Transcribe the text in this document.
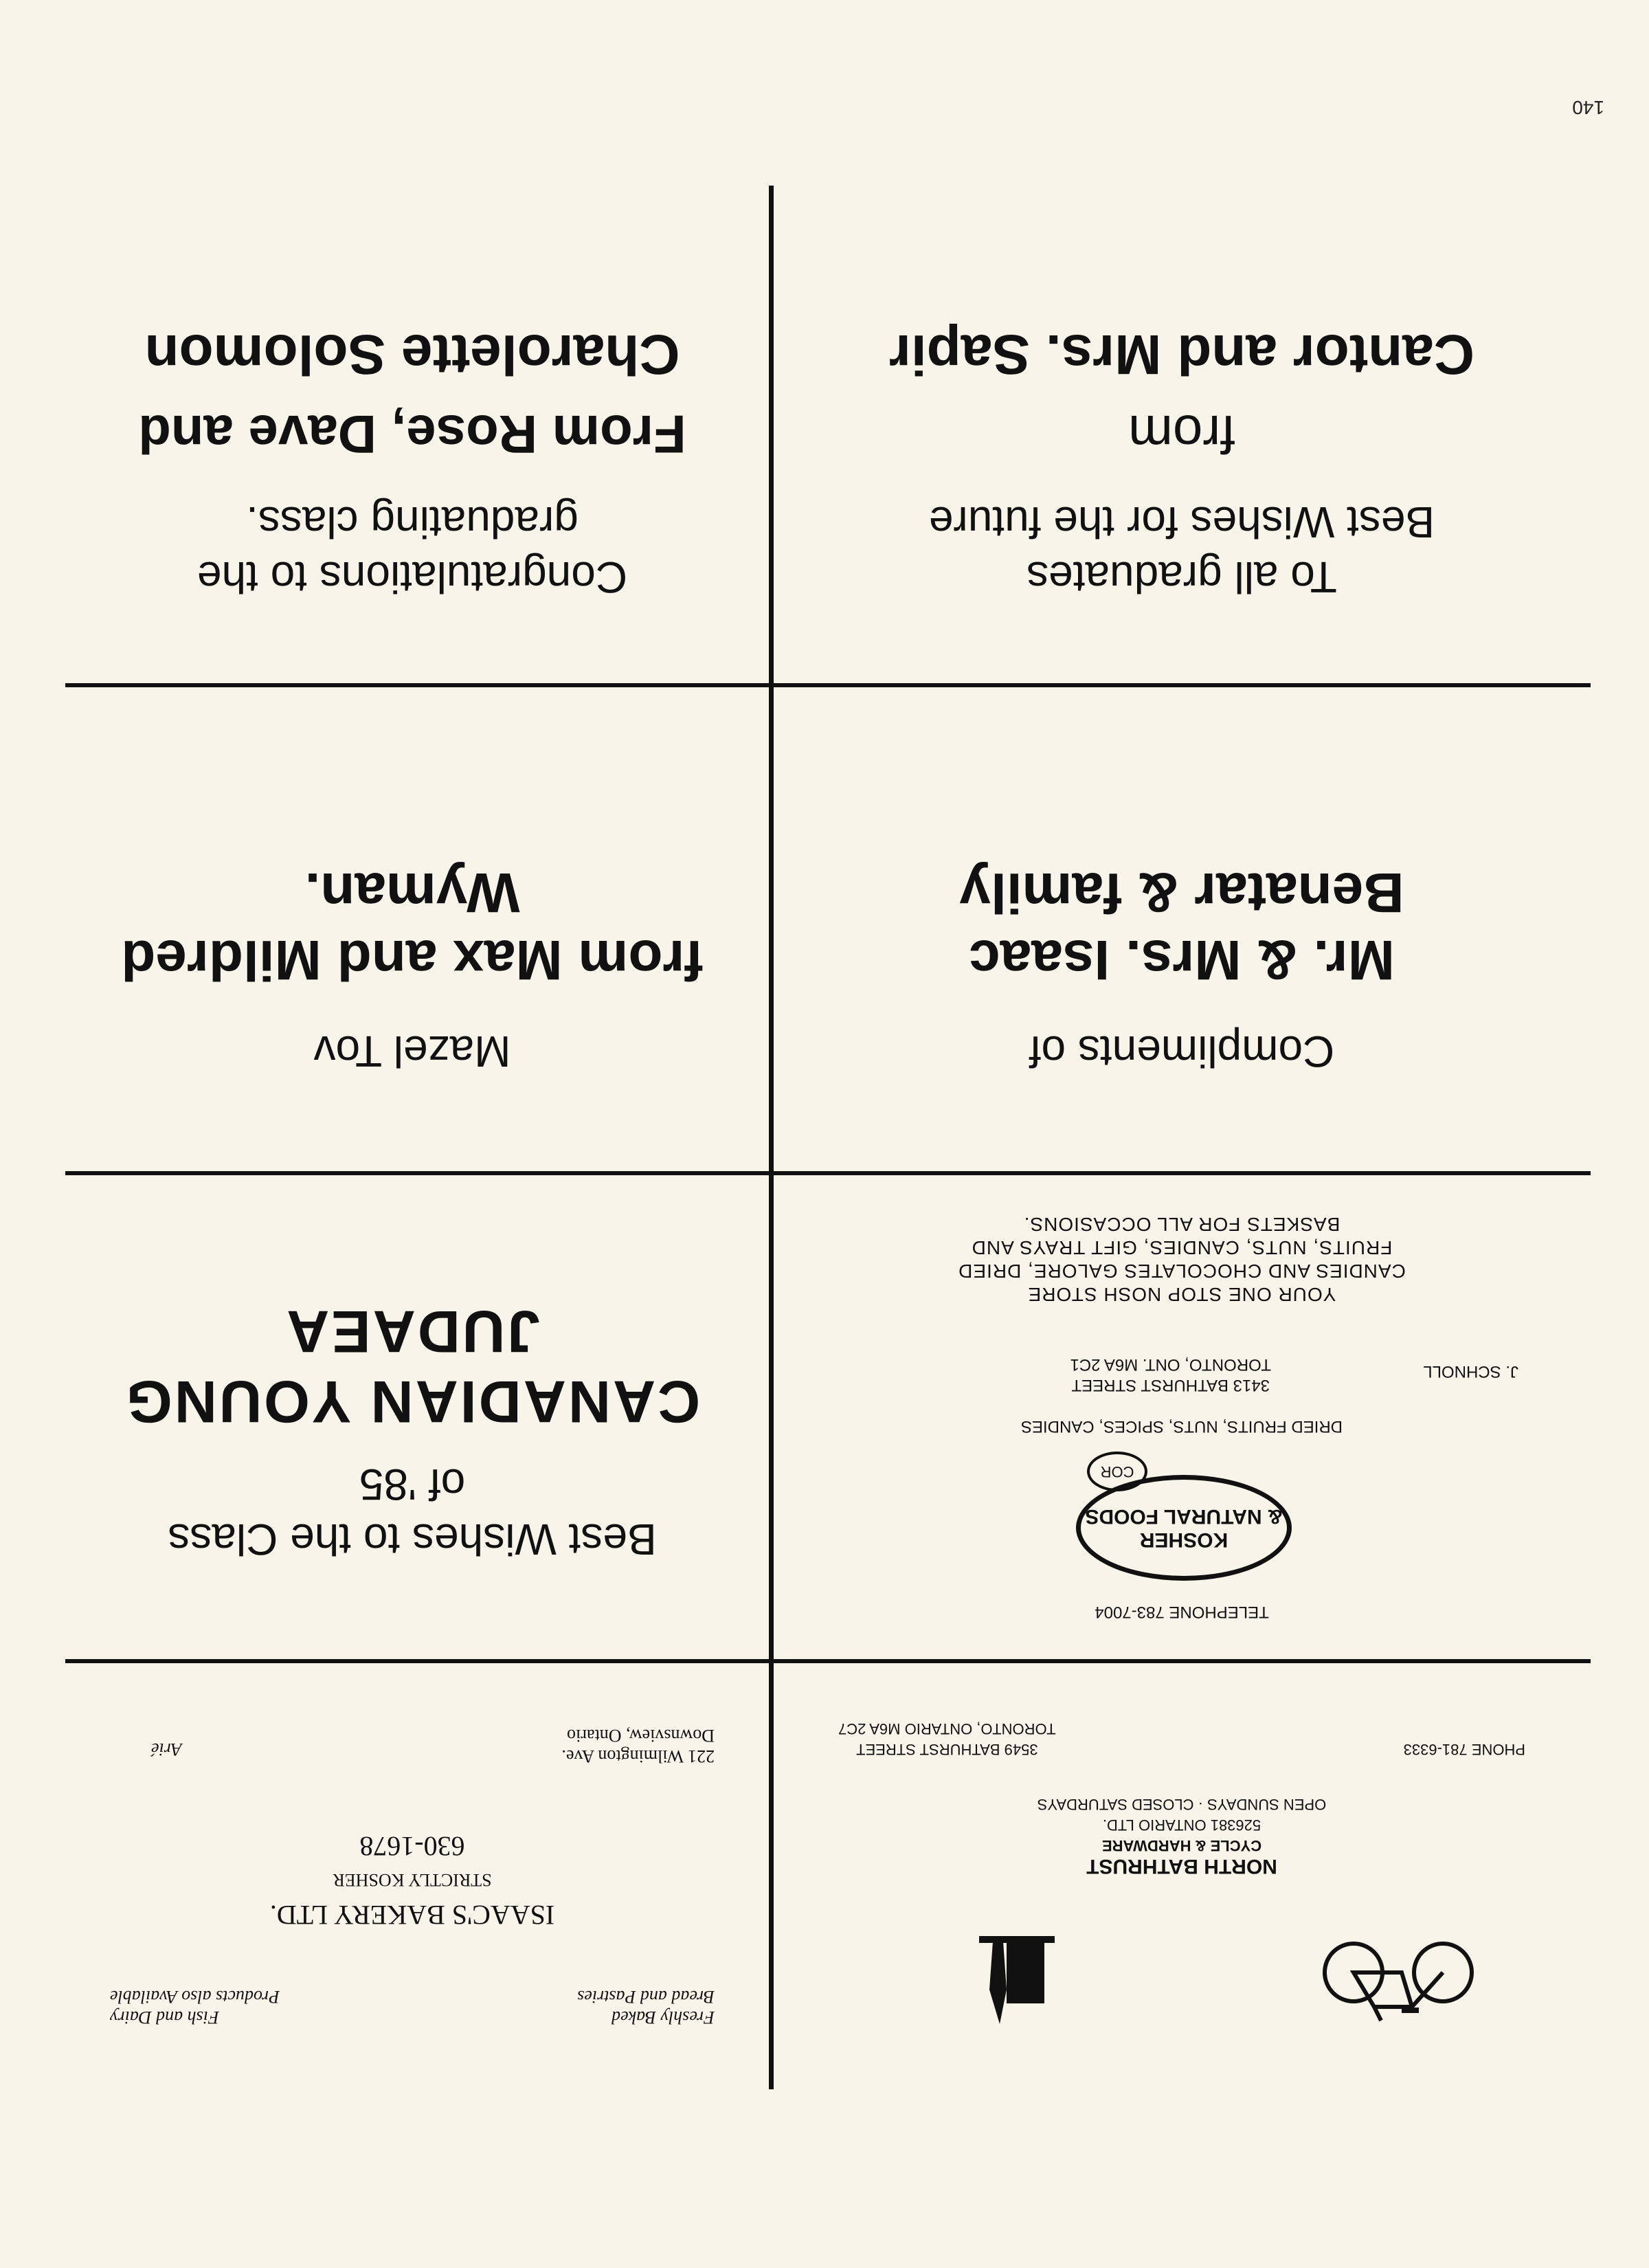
140
NORTH BATHRUST
CYCLE & HARDWARE
526381 ONTARIO LTD.
OPEN SUNDAYS · CLOSED SATURDAYS
PHONE 781-6333
3549 BATHURST STREET
TORONTO, ONTARIO M6A 2C7
Freshly Baked
Bread and Pastries
Fish and Dairy
Products also Available
ISAAC'S BAKERY LTD.
STRICTLY KOSHER
630-1678
221 Wilmington Ave.
Downsview, Ontario
Arié
TELEPHONE 783-7004
KOSHER
& NATURAL FOODS
COR
DRIED FRUITS, NUTS, SPICES, CANDIES
J. SCHNOLL
3413 BATHURST STREET
TORONTO, ONT. M6A 2C1
YOUR ONE STOP NOSH STORE
CANDIES AND CHOCOLATES GALORE, DRIED
FRUITS, NUTS, CANDIES, GIFT TRAYS AND
BASKETS FOR ALL OCCASIONS.
Best Wishes to the Class
of '85
CANADIAN YOUNG
JUDAEA
Compliments of
Mr. & Mrs. Isaac
Benatar & family
Mazel Tov
from Max and Mildred
Wyman.
To all graduates
Best Wishes for the future
from
Cantor and Mrs. Sapir
Congratulations to the
graduating class.
From Rose, Dave and
Charolette Solomon
